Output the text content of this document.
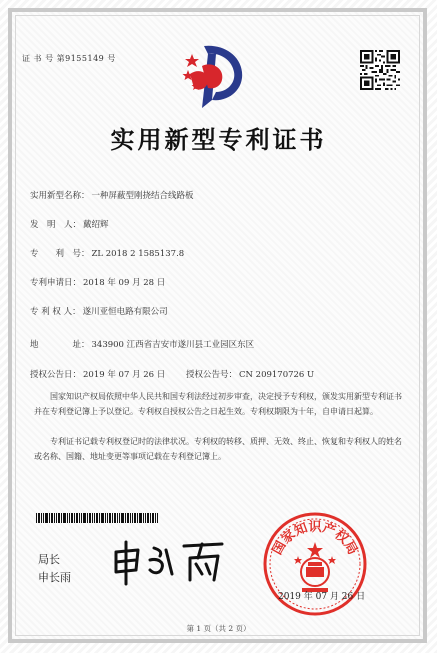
证 书 号 第9155149 号
实用新型专利证书
实用新型名称： 一种屏蔽型刚挠结合线路板
发　明　人： 戴绍辉
专　　利　号： ZL 2018 2 1585137.8
专利申请日： 2018 年 09 月 28 日
专 利 权 人： 遂川亚恒电路有限公司
地　　　　址： 343900 江西省吉安市遂川县工业园区东区
授权公告日： 2019 年 07 月 26 日 授权公告号： CN 209170726 U
国家知识产权局依照中华人民共和国专利法经过初步审查，决定授予专利权，颁发实用新型专利证书并在专利登记簿上予以登记。专利权自授权公告之日起生效。专利权期限为十年，自申请日起算。
专利证书记载专利权登记时的法律状况。专利权的转移、质押、无效、终止、恢复和专利权人的姓名或名称、国籍、地址变更等事项记载在专利登记簿上。
局长
申长雨
国家知识产权局
2019 年 07 月 26 日
第 1 页（共 2 页）
